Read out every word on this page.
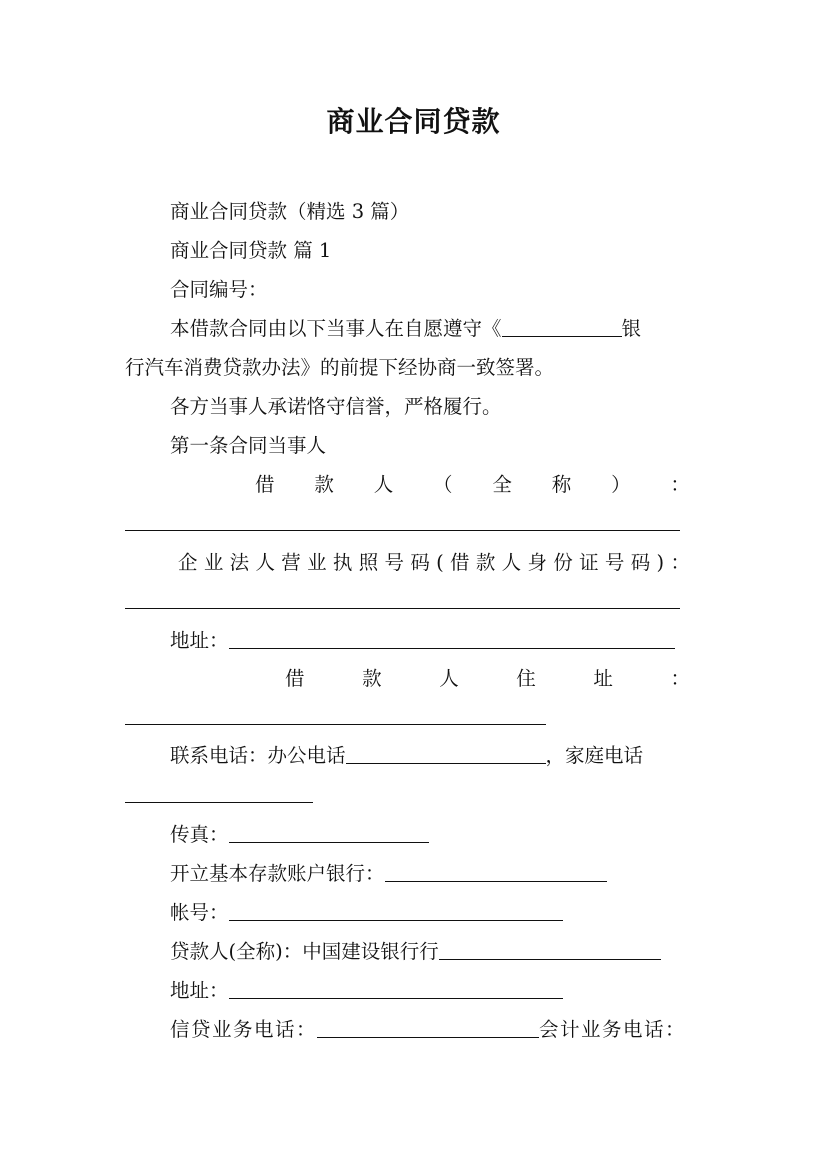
商业合同贷款
商业合同贷款（精选 3 篇）
商业合同贷款 篇 1
合同编号：
本借款合同由以下当事人在自愿遵守《	银
行汽车消费贷款办法》的前提下经协商一致签署。
各方当事人承诺恪守信誉，严格履行。
第一条合同当事人
借 款 人 （ 全 称 ） ：
企 业 法 人 营 业 执 照 号 码 ( 借 款 人 身 份 证 号 码 ) ：
地址：
借	款	人	住	址	：
联系电话：办公电话	，家庭电话
传真：
开立基本存款账户银行：
帐号：
贷款人(全称)：中国建设银行行
地址：
信贷业务电话：	会计业务电话：
